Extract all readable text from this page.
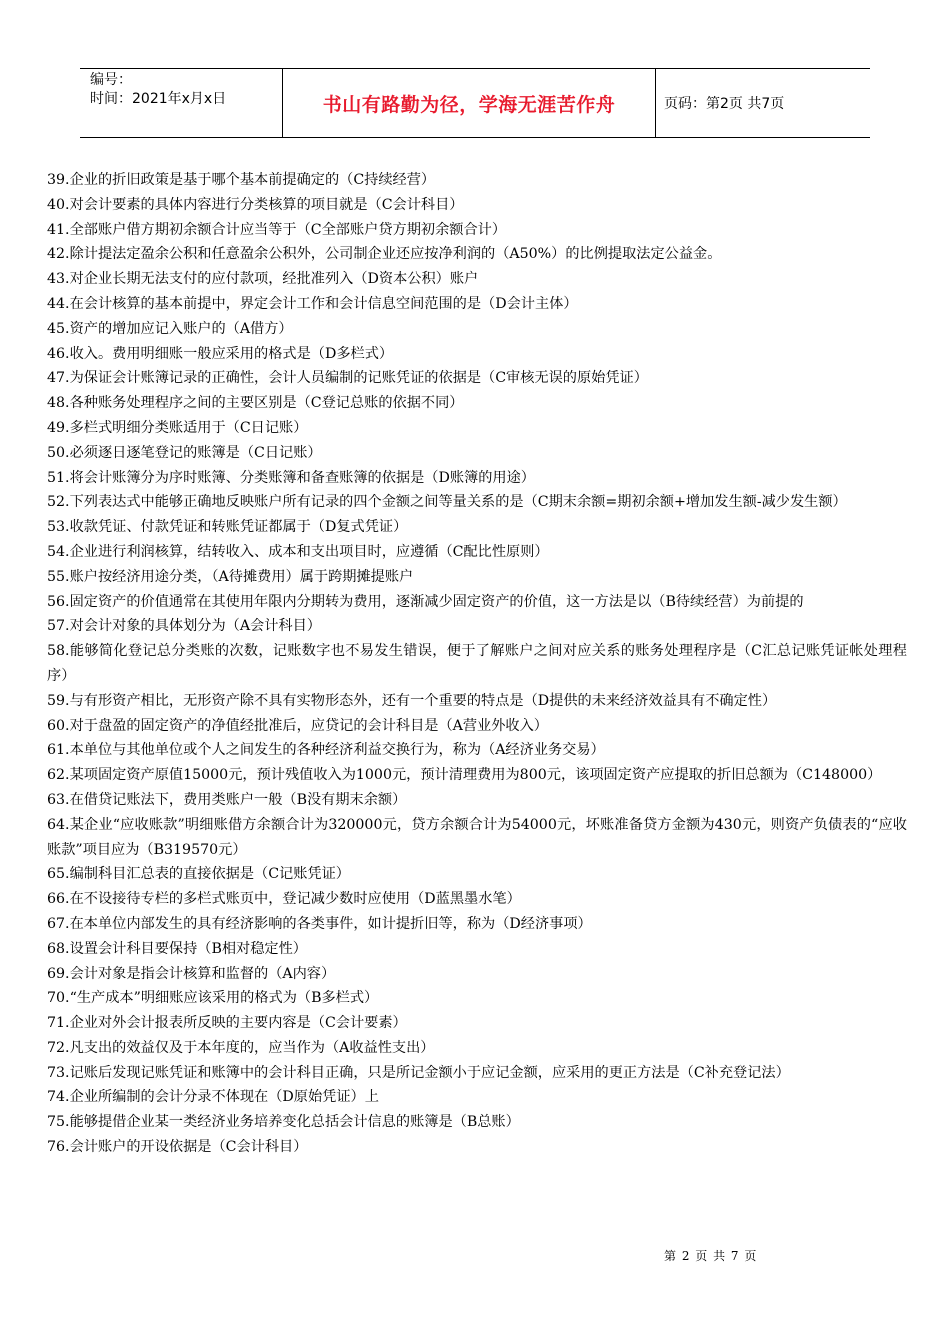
编号：
时间：2021年x月x日	书山有路勤为径，学海无涯苦作舟	页码：第2页 共7页

39.企业的折旧政策是基于哪个基本前提确定的（C持续经营）

40.对会计要素的具体内容进行分类核算的项目就是（C会计科目）

41.全部账户借方期初余额合计应当等于（C全部账户贷方期初余额合计）

42.除计提法定盈余公积和任意盈余公积外，公司制企业还应按净利润的（A50%）的比例提取法定公益金。

43.对企业长期无法支付的应付款项，经批准列入（D资本公积）账户

44.在会计核算的基本前提中，界定会计工作和会计信息空间范围的是（D会计主体）

45.资产的增加应记入账户的（A借方）

46.收入。费用明细账一般应采用的格式是（D多栏式）

47.为保证会计账簿记录的正确性，会计人员编制的记账凭证的依据是（C审核无误的原始凭证）

48.各种账务处理程序之间的主要区别是（C登记总账的依据不同）

49.多栏式明细分类账适用于（C日记账）

50.必须逐日逐笔登记的账簿是（C日记账）

51.将会计账簿分为序时账簿、分类账簿和备查账簿的依据是（D账簿的用途）

52.下列表达式中能够正确地反映账户所有记录的四个金额之间等量关系的是（C期末余额=期初余额+增加发生额-减少发生额）

53.收款凭证、付款凭证和转账凭证都属于（D复式凭证）

54.企业进行利润核算，结转收入、成本和支出项目时，应遵循（C配比性原则）

55.账户按经济用途分类，（A待摊费用）属于跨期摊提账户

56.固定资产的价值通常在其使用年限内分期转为费用，逐渐减少固定资产的价值，这一方法是以（B待续经营）为前提的

57.对会计对象的具体划分为（A会计科目）

58.能够简化登记总分类账的次数，记账数字也不易发生错误，便于了解账户之间对应关系的账务处理程序是（C汇总记账凭证帐处理程序）

59.与有形资产相比，无形资产除不具有实物形态外，还有一个重要的特点是（D提供的未来经济效益具有不确定性）

60.对于盘盈的固定资产的净值经批准后，应贷记的会计科目是（A营业外收入）

61.本单位与其他单位或个人之间发生的各种经济利益交换行为，称为（A经济业务交易）

62.某项固定资产原值15000元，预计残值收入为1000元，预计清理费用为800元，该项固定资产应提取的折旧总额为（C148000）

63.在借贷记账法下，费用类账户一般（B没有期末余额）

64.某企业“应收账款”明细账借方余额合计为320000元，贷方余额合计为54000元，坏账准备贷方金额为430元，则资产负债表的“应收账款”项目应为（B319570元）

65.编制科目汇总表的直接依据是（C记账凭证）

66.在不设接待专栏的多栏式账页中，登记减少数时应使用（D蓝黑墨水笔）

67.在本单位内部发生的具有经济影响的各类事件，如计提折旧等，称为（D经济事项）

68.设置会计科目要保持（B相对稳定性）

69.会计对象是指会计核算和监督的（A内容）

70.“生产成本”明细账应该采用的格式为（B多栏式）

71.企业对外会计报表所反映的主要内容是（C会计要素）

72.凡支出的效益仅及于本年度的，应当作为（A收益性支出）

73.记账后发现记账凭证和账簿中的会计科目正确，只是所记金额小于应记金额，应采用的更正方法是（C补充登记法）

74.企业所编制的会计分录不体现在（D原始凭证）上

75.能够提借企业某一类经济业务培养变化总括会计信息的账簿是（B总账）

76.会计账户的开设依据是（C会计科目）

第 2 页 共 7 页
